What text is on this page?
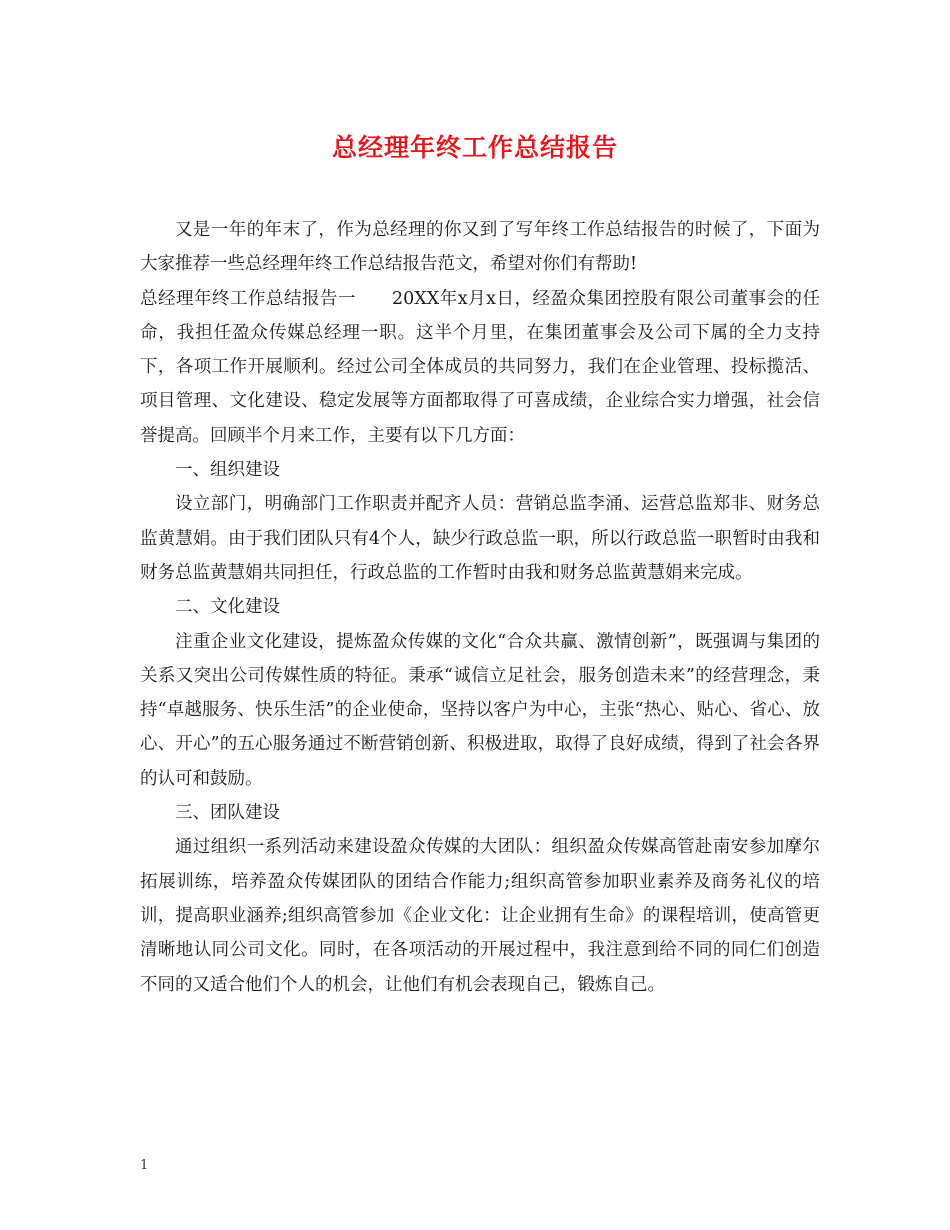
总经理年终工作总结报告

又是一年的年末了，作为总经理的你又到了写年终工作总结报告的时候了，下面为大家推荐一些总经理年终工作总结报告范文，希望对你们有帮助!

总经理年终工作总结报告一　　20XX年x月x日，经盈众集团控股有限公司董事会的任命，我担任盈众传媒总经理一职。这半个月里，在集团董事会及公司下属的全力支持下，各项工作开展顺利。经过公司全体成员的共同努力，我们在企业管理、投标揽活、项目管理、文化建设、稳定发展等方面都取得了可喜成绩，企业综合实力增强，社会信誉提高。回顾半个月来工作，主要有以下几方面：

一、组织建设

设立部门，明确部门工作职责并配齐人员：营销总监李涌、运营总监郑非、财务总监黄慧娟。由于我们团队只有4个人，缺少行政总监一职，所以行政总监一职暂时由我和财务总监黄慧娟共同担任，行政总监的工作暂时由我和财务总监黄慧娟来完成。

二、文化建设

注重企业文化建设，提炼盈众传媒的文化“合众共赢、激情创新”，既强调与集团的关系又突出公司传媒性质的特征。秉承“诚信立足社会，服务创造未来”的经营理念，秉持“卓越服务、快乐生活”的企业使命，坚持以客户为中心，主张“热心、贴心、省心、放心、开心”的五心服务通过不断营销创新、积极进取，取得了良好成绩，得到了社会各界的认可和鼓励。

三、团队建设

通过组织一系列活动来建设盈众传媒的大团队：组织盈众传媒高管赴南安参加摩尔拓展训练，培养盈众传媒团队的团结合作能力;组织高管参加职业素养及商务礼仪的培训，提高职业涵养;组织高管参加《企业文化：让企业拥有生命》的课程培训，使高管更清晰地认同公司文化。同时，在各项活动的开展过程中，我注意到给不同的同仁们创造不同的又适合他们个人的机会，让他们有机会表现自己，锻炼自己。

1
